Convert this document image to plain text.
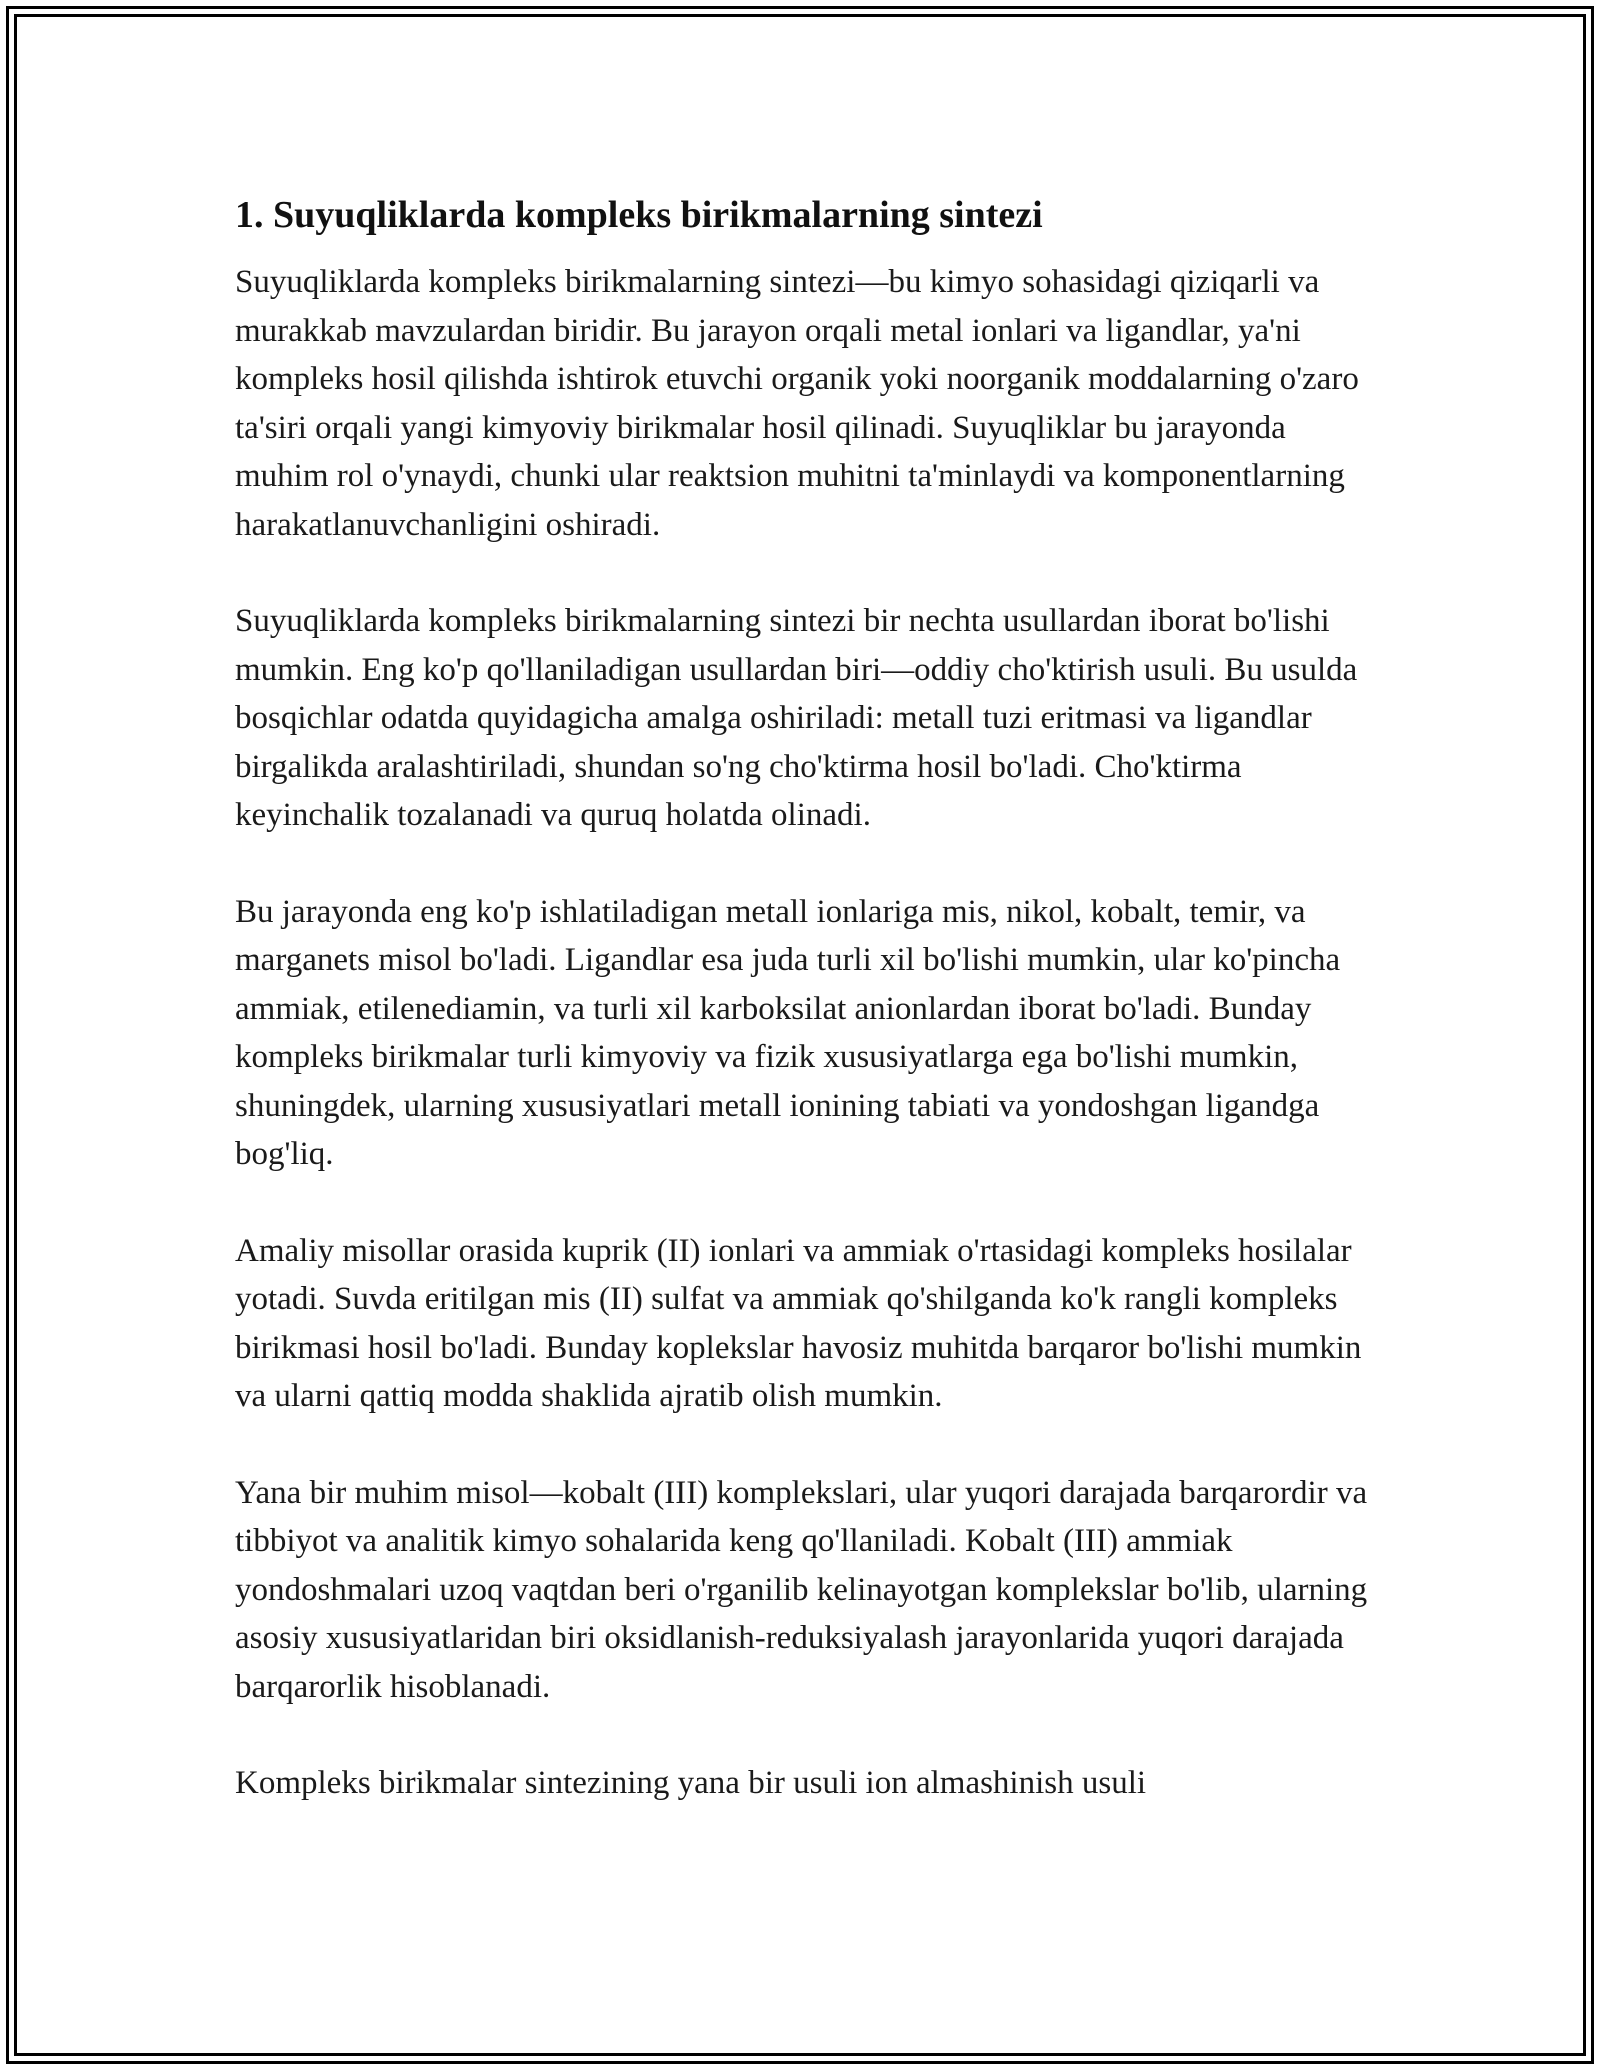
1. Suyuqliklarda kompleks birikmalarning sintezi

Suyuqliklarda kompleks birikmalarning sintezi—bu kimyo sohasidagi qiziqarli va murakkab mavzulardan biridir. Bu jarayon orqali metal ionlari va ligandlar, ya'ni kompleks hosil qilishda ishtirok etuvchi organik yoki noorganik moddalarning o'zaro ta'siri orqali yangi kimyoviy birikmalar hosil qilinadi. Suyuqliklar bu jarayonda muhim rol o'ynaydi, chunki ular reaktsion muhitni ta'minlaydi va komponentlarning harakatlanuvchanligini oshiradi.

Suyuqliklarda kompleks birikmalarning sintezi bir nechta usullardan iborat bo'lishi mumkin. Eng ko'p qo'llaniladigan usullardan biri—oddiy cho'ktirish usuli. Bu usulda bosqichlar odatda quyidagicha amalga oshiriladi: metall tuzi eritmasi va ligandlar birgalikda aralashtiriladi, shundan so'ng cho'ktirma hosil bo'ladi. Cho'ktirma keyinchalik tozalanadi va quruq holatda olinadi.

Bu jarayonda eng ko'p ishlatiladigan metall ionlariga mis, nikol, kobalt, temir, va marganets misol bo'ladi. Ligandlar esa juda turli xil bo'lishi mumkin, ular ko'pincha ammiak, etilenediamin, va turli xil karboksilat anionlardan iborat bo'ladi. Bunday kompleks birikmalar turli kimyoviy va fizik xususiyatlarga ega bo'lishi mumkin, shuningdek, ularning xususiyatlari metall ionining tabiati va yondoshgan ligandga bog'liq.

Amaliy misollar orasida kuprik (II) ionlari va ammiak o'rtasidagi kompleks hosilalar yotadi. Suvda eritilgan mis (II) sulfat va ammiak qo'shilganda ko'k rangli kompleks birikmasi hosil bo'ladi. Bunday koplekslar havosiz muhitda barqaror bo'lishi mumkin va ularni qattiq modda shaklida ajratib olish mumkin.

Yana bir muhim misol—kobalt (III) komplekslari, ular yuqori darajada barqarordir va tibbiyot va analitik kimyo sohalarida keng qo'llaniladi. Kobalt (III) ammiak yondoshmalari uzoq vaqtdan beri o'rganilib kelinayotgan komplekslar bo'lib, ularning asosiy xususiyatlaridan biri oksidlanish-reduksiyalash jarayonlarida yuqori darajada barqarorlik hisoblanadi.

Kompleks birikmalar sintezining yana bir usuli ion almashinish usuli
